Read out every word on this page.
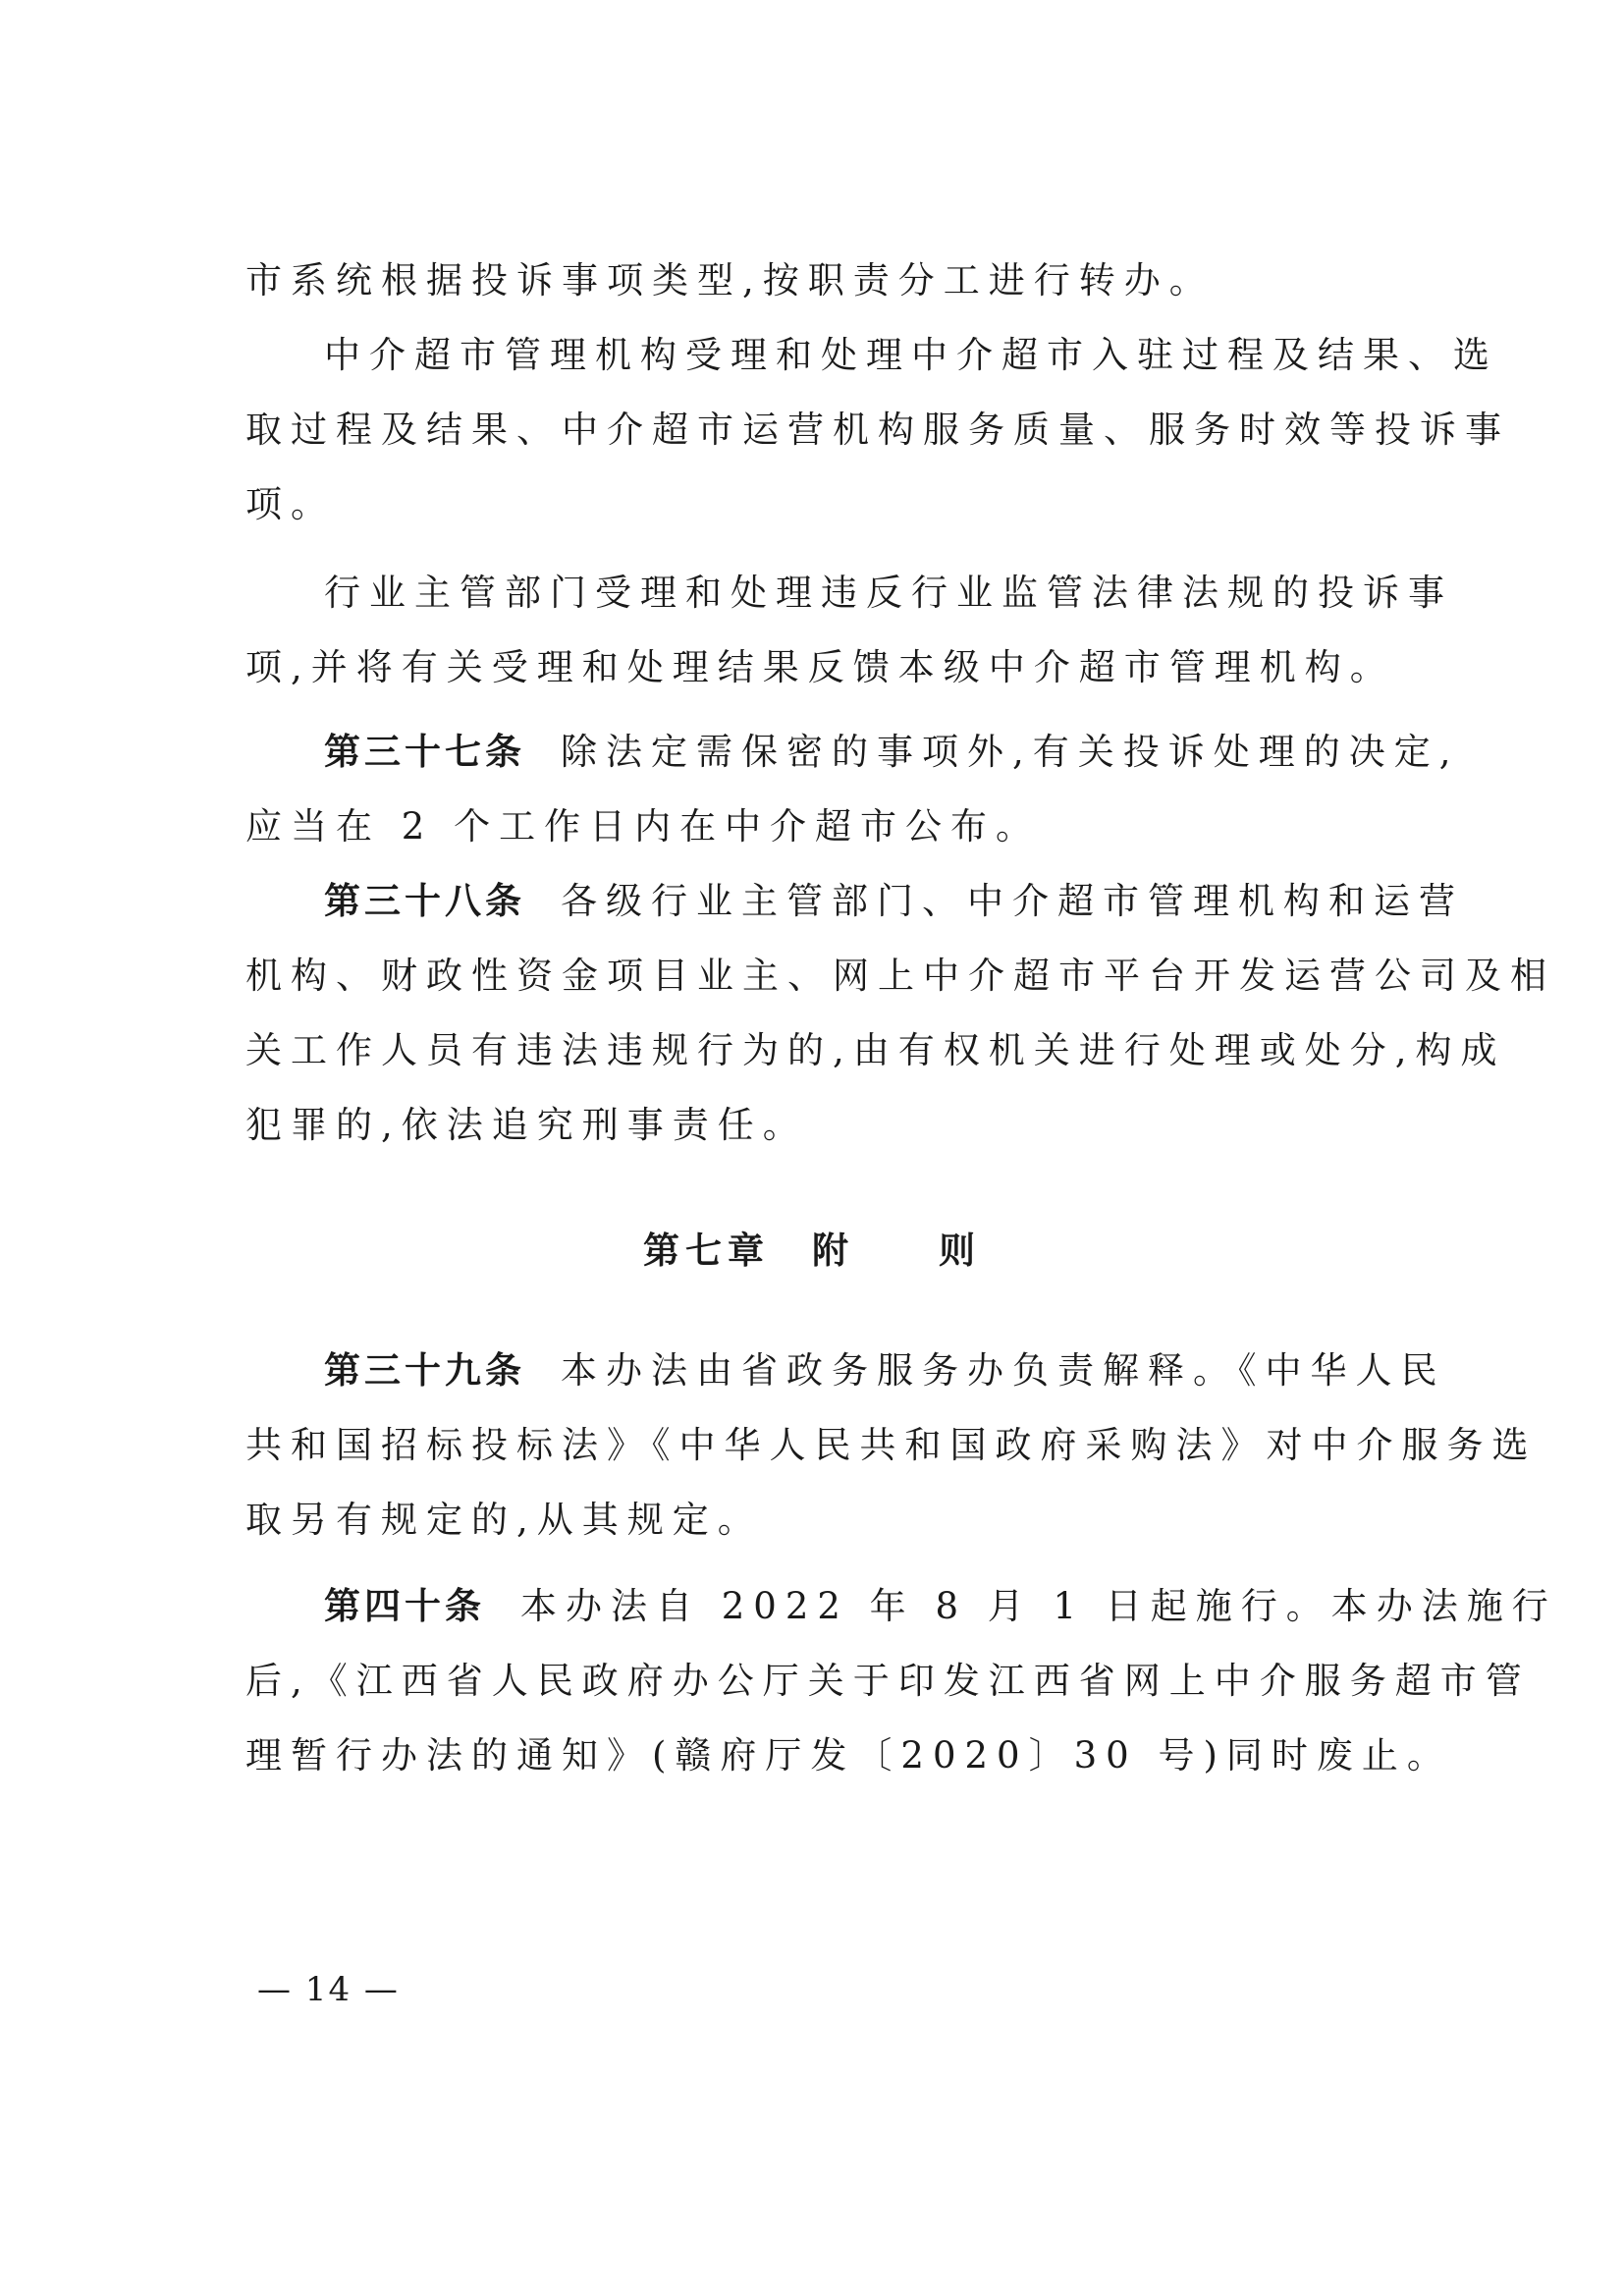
市系统根据投诉事项类型,按职责分工进行转办。
中介超市管理机构受理和处理中介超市入驻过程及结果、选
取过程及结果、中介超市运营机构服务质量、服务时效等投诉事
项。
行业主管部门受理和处理违反行业监管法律法规的投诉事
项,并将有关受理和处理结果反馈本级中介超市管理机构。
第三十七条 除法定需保密的事项外,有关投诉处理的决定,
应当在 2 个工作日内在中介超市公布。
第三十八条 各级行业主管部门、中介超市管理机构和运营
机构、财政性资金项目业主、网上中介超市平台开发运营公司及相
关工作人员有违法违规行为的,由有权机关进行处理或处分,构成
犯罪的,依法追究刑事责任。
第七章　附　　则
第三十九条 本办法由省政务服务办负责解释。《中华人民
共和国招标投标法》《中华人民共和国政府采购法》对中介服务选
取另有规定的,从其规定。
第四十条 本办法自 2022 年 8 月 1 日起施行。本办法施行
后,《江西省人民政府办公厅关于印发江西省网上中介服务超市管
理暂行办法的通知》(赣府厅发〔2020〕30 号)同时废止。
— 14 —
